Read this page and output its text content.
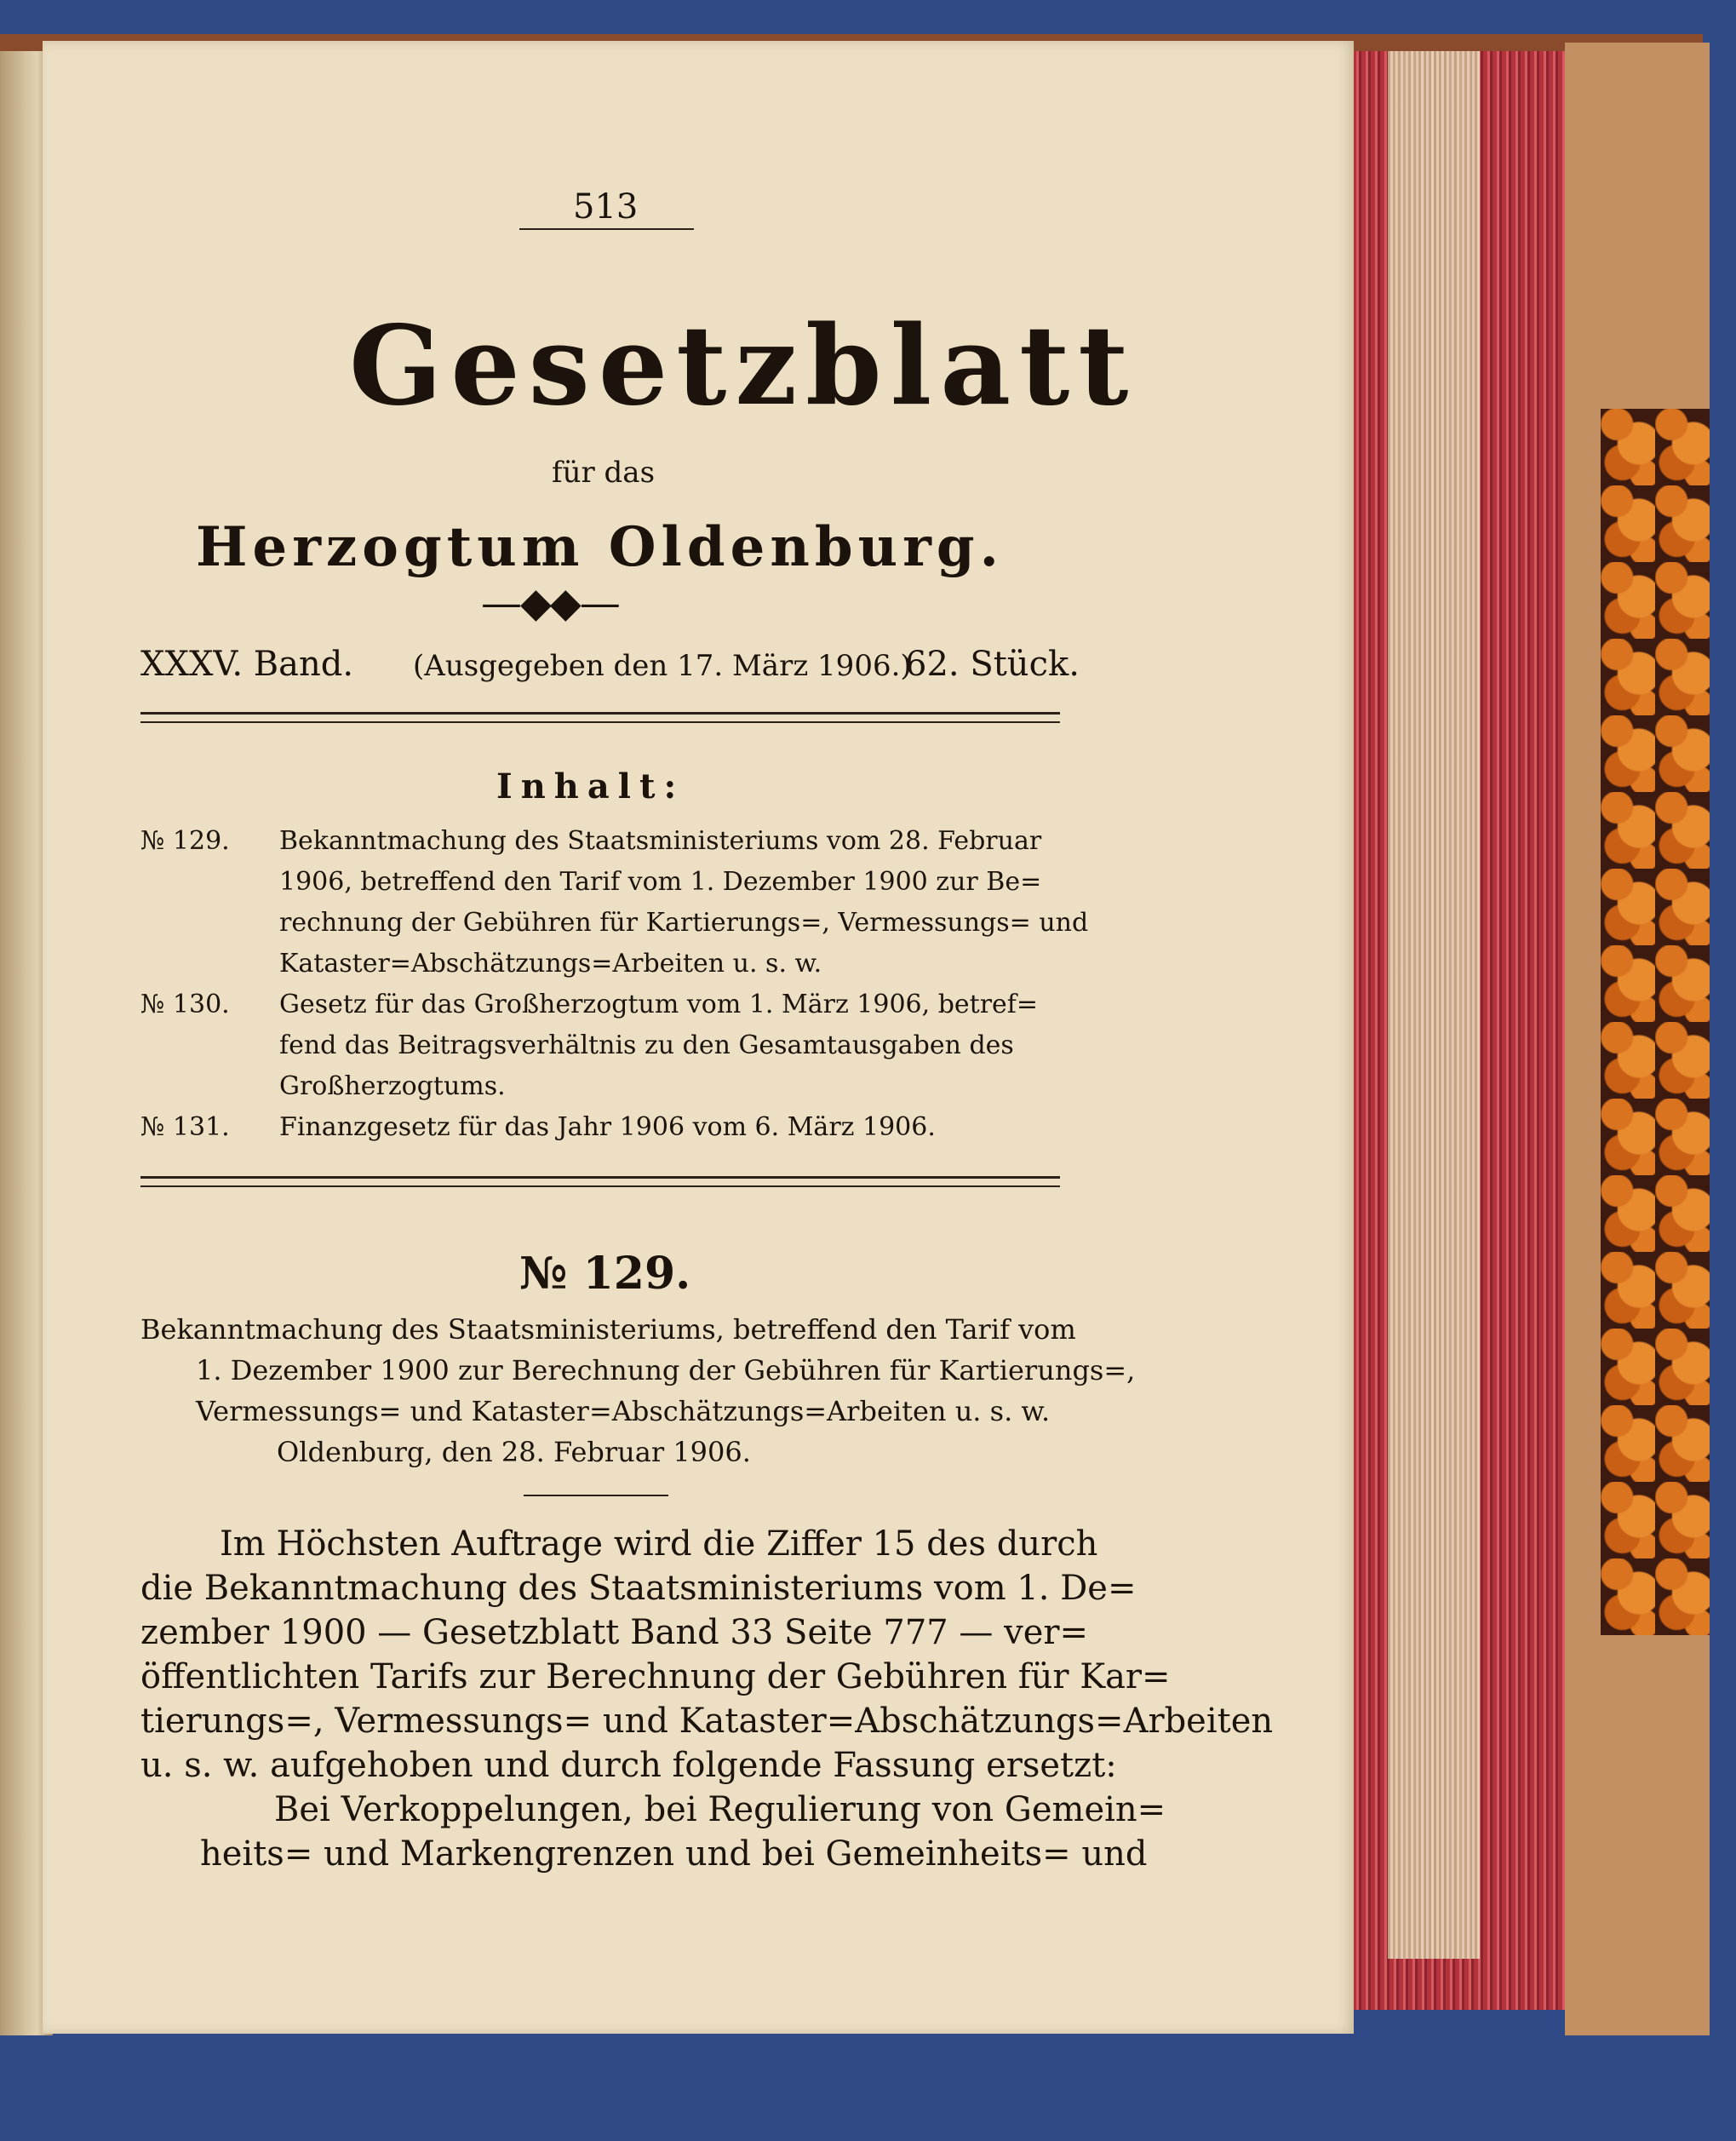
513

Gesetzblatt

für das

Herzogtum Oldenburg.

—◆◆—

XXXV. Band. (Ausgegeben den 17. März 1906.)

62. Stück.

Inhalt:

№ 129. Bekanntmachung des Staatsministeriums vom 28. Februar

1906, betreffend den Tarif vom 1. Dezember 1900 zur Be=

rechnung der Gebühren für Kartierungs=, Vermessungs= und

Kataster=Abschätzungs=Arbeiten u. s. w.

№ 130. Gesetz für das Großherzogtum vom 1. März 1906, betref=

fend das Beitragsverhältnis zu den Gesamtausgaben des

Großherzogtums.

№ 131. Finanzgesetz für das Jahr 1906 vom 6. März 1906.

№ 129.

Bekanntmachung des Staatsministeriums, betreffend den Tarif vom

1. Dezember 1900 zur Berechnung der Gebühren für Kartierungs=,

Vermessungs= und Kataster=Abschätzungs=Arbeiten u. s. w.

Oldenburg, den 28. Februar 1906.

Im Höchsten Auftrage wird die Ziffer 15 des durch

die Bekanntmachung des Staatsministeriums vom 1. De=

zember 1900 — Gesetzblatt Band 33 Seite 777 — ver=

öffentlichten Tarifs zur Berechnung der Gebühren für Kar=

tierungs=, Vermessungs= und Kataster=Abschätzungs=Arbeiten

u. s. w. aufgehoben und durch folgende Fassung ersetzt:

Bei Verkoppelungen, bei Regulierung von Gemein=

heits= und Markengrenzen und bei Gemeinheits= und
